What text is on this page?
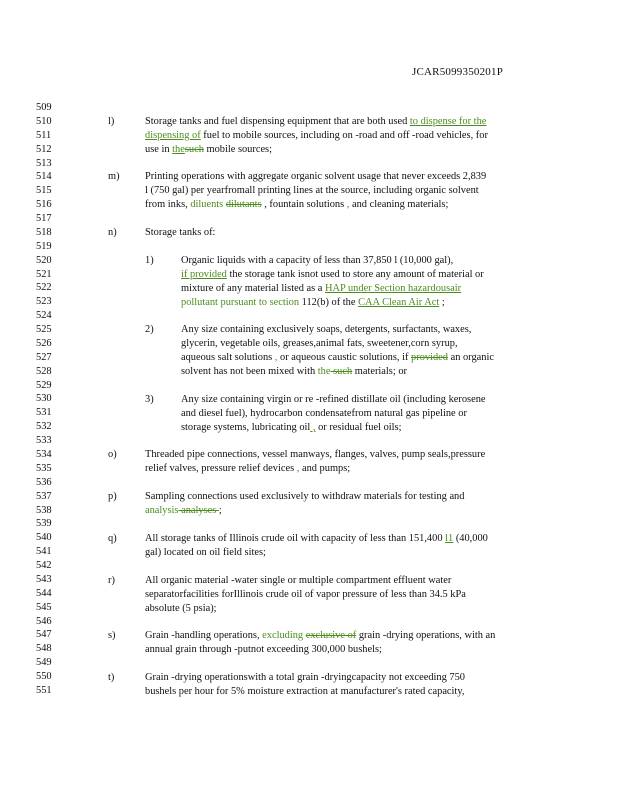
JCAR5099350201P
509
510
511
512
513
514
515
516
517
518
519
520
521
522
523
524
525
526
527
528
529
530
531
532
533
534
535
536
537
538
539
540
541
542
543
544
545
546
547
548
549
550
551
l)
m)
n)
1)
2)
3)
o)
p)
q)
r)
s)
t)
Storage tanks and fuel dispensing equipment that are both used to dispense for the
dispensing of fuel to mobile sources, including on -road and off -road vehicles, for
use in thesuch mobile sources;
Printing operations with aggregate organic solvent usage that never exceeds 2,839
l (750 gal) per yearfromall printing lines at the source, including organic solvent
from inks, diluents dilutants , fountain solutions , and cleaning materials;
Storage tanks of:
Organic liquids with a capacity of less than 37,850 l (10,000 gal),
if provided the storage tank isnot used to store any amount of material or
mixture of any material listed as a HAP under Section hazardousair
pollutant pursuant to section 112(b) of the CAA Clean Air Act ;
Any size containing exclusively soaps, detergents, surfactants, waxes,
glycerin, vegetable oils, greases,animal fats, sweetener,corn syrup,
aqueous salt solutions , or aqueous caustic solutions, if provided an organic
solvent has not been mixed with the such materials; or
Any size containing virgin or re -refined distillate oil (including kerosene
and diesel fuel), hydrocarbon condensatefrom natural gas pipeline or
storage systems, lubricating oil , or residual fuel oils;
Threaded pipe connections, vessel manways, flanges, valves, pump seals,pressure
relief valves, pressure relief devices , and pumps;
Sampling connections used exclusively to withdraw materials for testing and
analysis analyses ;
All storage tanks of Illinois crude oil with capacity of less than 151,400 l1 (40,000
gal) located on oil field sites;
All organic material -water single or multiple compartment effluent water
separatorfacilities forIllinois crude oil of vapor pressure of less than 34.5 kPa
absolute (5 psia);
Grain -handling operations, excluding exclusive of grain -drying operations, with an
annual grain through -putnot exceeding 300,000 bushels;
Grain -drying operationswith a total grain -dryingcapacity not exceeding 750
bushels per hour for 5% moisture extraction at manufacturer's rated capacity,
